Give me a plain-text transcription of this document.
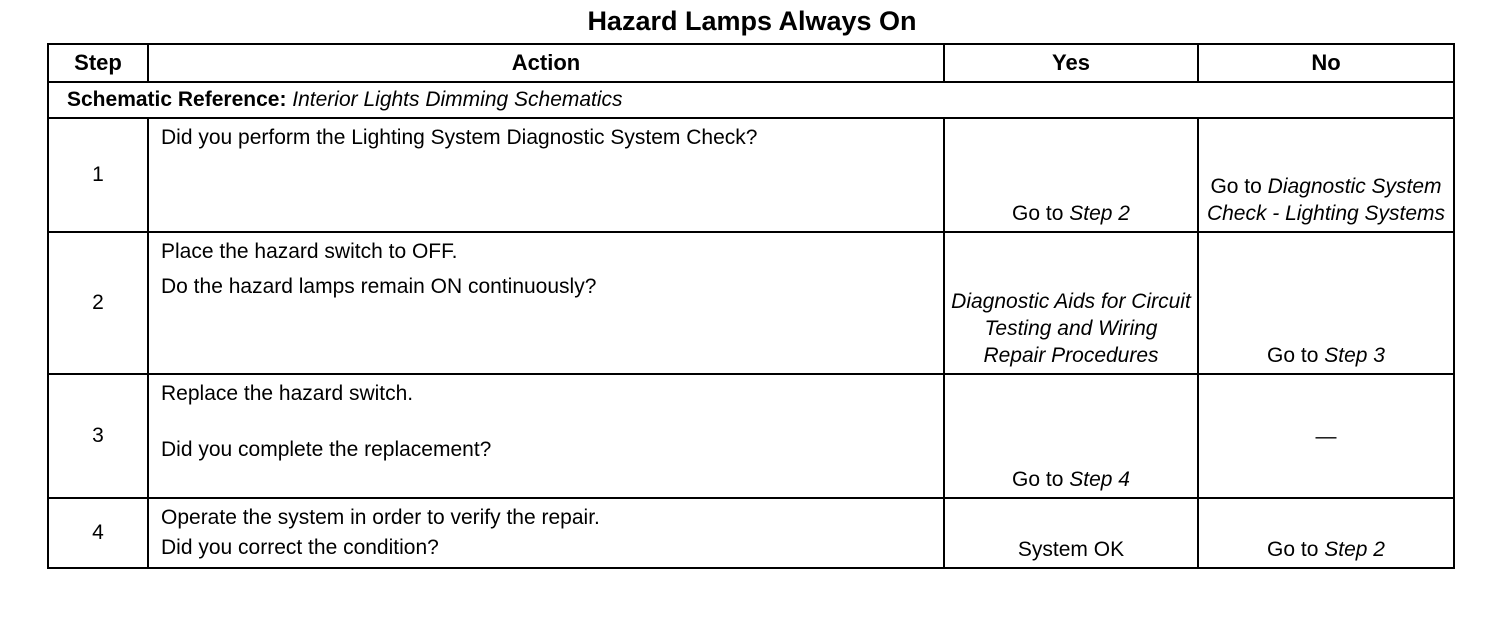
Hazard Lamps Always On
Step	Action	Yes	No
Schematic Reference: Interior Lights Dimming Schematics			
1	Did you perform the Lighting System Diagnostic System Check?	Go to Step 2	Go to Diagnostic System Check - Lighting Systems
2	Place the hazard switch to OFF.

Do the hazard lamps remain ON continuously?	Diagnostic Aids for Circuit Testing and Wiring Repair Procedures	Go to Step 3
3	Replace the hazard switch.

Did you complete the replacement?	Go to Step 4	—
4	Operate the system in order to verify the repair.

Did you correct the condition?	System OK	Go to Step 2
